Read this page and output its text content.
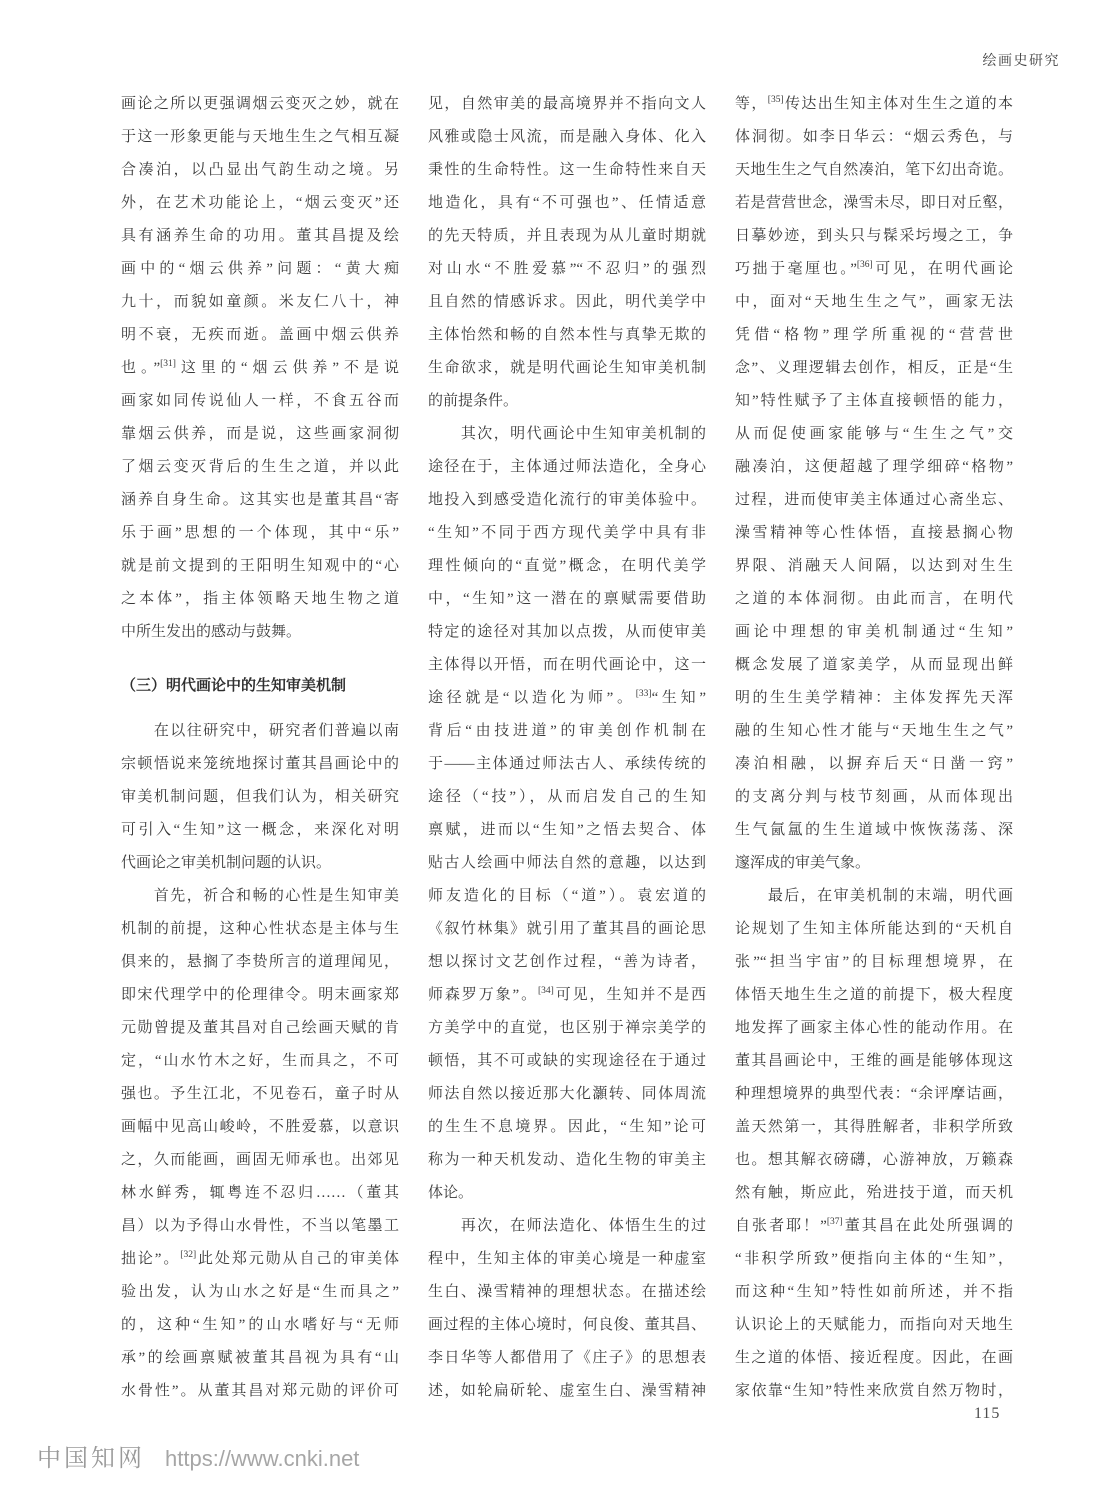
绘画史研究
画论之所以更强调烟云变灭之妙，就在
于这一形象更能与天地生生之气相互凝
合凑泊，以凸显出气韵生动之境。另
外，在艺术功能论上，“烟云变灭”还
具有涵养生命的功用。董其昌提及绘
画中的“烟云供养”问题：“黄大痴
九十，而貌如童颜。米友仁八十，神
明不衰，无疾而逝。盖画中烟云供养
也。”[31]这里的“烟云供养”不是说
画家如同传说仙人一样，不食五谷而
靠烟云供养，而是说，这些画家洞彻
了烟云变灭背后的生生之道，并以此
涵养自身生命。这其实也是董其昌“寄
乐于画”思想的一个体现，其中“乐”
就是前文提到的王阳明生知观中的“心
之本体”，指主体领略天地生物之道
中所生发出的感动与鼓舞。
（三）明代画论中的生知审美机制
　　在以往研究中，研究者们普遍以南
宗顿悟说来笼统地探讨董其昌画论中的
审美机制问题，但我们认为，相关研究
可引入“生知”这一概念，来深化对明
代画论之审美机制问题的认识。
　　首先，祈合和畅的心性是生知审美
机制的前提，这种心性状态是主体与生
俱来的，悬搁了李贽所言的道理闻见，
即宋代理学中的伦理律令。明末画家郑
元勋曾提及董其昌对自己绘画天赋的肯
定，“山水竹木之好，生而具之，不可
强也。予生江北，不见卷石，童子时从
画幅中见高山峻岭，不胜爱慕，以意识
之，久而能画，画固无师承也。出郊见
林水鲜秀，辄粤连不忍归……（董其
昌）以为予得山水骨性，不当以笔墨工
拙论”。[32]此处郑元勋从自己的审美体
验出发，认为山水之好是“生而具之”
的，这种“生知”的山水嗜好与“无师
承”的绘画禀赋被董其昌视为具有“山
水骨性”。从董其昌对郑元勋的评价可
见，自然审美的最高境界并不指向文人
风雅或隐士风流，而是融入身体、化入
秉性的生命特性。这一生命特性来自天
地造化，具有“不可强也”、任情适意
的先天特质，并且表现为从儿童时期就
对山水“不胜爱慕”“不忍归”的强烈
且自然的情感诉求。因此，明代美学中
主体怡然和畅的自然本性与真挚无欺的
生命欲求，就是明代画论生知审美机制
的前提条件。
　　其次，明代画论中生知审美机制的
途径在于，主体通过师法造化，全身心
地投入到感受造化流行的审美体验中。
“生知”不同于西方现代美学中具有非
理性倾向的“直觉”概念，在明代美学
中，“生知”这一潜在的禀赋需要借助
特定的途径对其加以点拨，从而使审美
主体得以开悟，而在明代画论中，这一
途径就是“以造化为师”。[33]“生知”
背后“由技进道”的审美创作机制在
于——主体通过师法古人、承续传统的
途径（“技”），从而启发自己的生知
禀赋，进而以“生知”之悟去契合、体
贴古人绘画中师法自然的意趣，以达到
师友造化的目标（“道”）。袁宏道的
《叙竹林集》就引用了董其昌的画论思
想以探讨文艺创作过程，“善为诗者，
师森罗万象”。[34]可见，生知并不是西
方美学中的直觉，也区别于禅宗美学的
顿悟，其不可或缺的实现途径在于通过
师法自然以接近那大化灝转、同体周流
的生生不息境界。因此，“生知”论可
称为一种天机发动、造化生物的审美主
体论。
　　再次，在师法造化、体悟生生的过
程中，生知主体的审美心境是一种虚室
生白、澡雪精神的理想状态。在描述绘
画过程的主体心境时，何良俊、董其昌、
李日华等人都借用了《庄子》的思想表
述，如轮扁斫轮、虚室生白、澡雪精神
等，[35]传达出生知主体对生生之道的本
体洞彻。如李日华云：“烟云秀色，与
天地生生之气自然凑泊，笔下幻出奇诡。
若是营营世念，澡雪未尽，即日对丘壑，
日摹妙迹，到头只与髹采圬墁之工，争
巧拙于毫厘也。”[36]可见，在明代画论
中，面对“天地生生之气”，画家无法
凭借“格物”理学所重视的“营营世
念”、义理逻辑去创作，相反，正是“生
知”特性赋予了主体直接顿悟的能力，
从而促使画家能够与“生生之气”交
融凑泊，这便超越了理学细碎“格物”
过程，进而使审美主体通过心斋坐忘、
澡雪精神等心性体悟，直接悬搁心物
界限、消融天人间隔，以达到对生生
之道的本体洞彻。由此而言，在明代
画论中理想的审美机制通过“生知”
概念发展了道家美学，从而显现出鲜
明的生生美学精神：主体发挥先天浑
融的生知心性才能与“天地生生之气”
凑泊相融，以摒弃后天“日凿一窍”
的支离分判与枝节刻画，从而体现出
生气氤氲的生生道域中恢恢荡荡、深
邃浑成的审美气象。
　　最后，在审美机制的末端，明代画
论规划了生知主体所能达到的“天机自
张”“担当宇宙”的目标理想境界，在
体悟天地生生之道的前提下，极大程度
地发挥了画家主体心性的能动作用。在
董其昌画论中，王维的画是能够体现这
种理想境界的典型代表：“余评摩诘画，
盖天然第一，其得胜解者，非积学所致
也。想其解衣磅礴，心游神放，万籁森
然有触，斯应此，殆进技于道，而天机
自张者耶！”[37]董其昌在此处所强调的
“非积学所致”便指向主体的“生知”，
而这种“生知”特性如前所述，并不指
认识论上的天赋能力，而指向对天地生
生之道的体悟、接近程度。因此，在画
家依靠“生知”特性来欣赏自然万物时，
115
中国知网 https://www.cnki.net
